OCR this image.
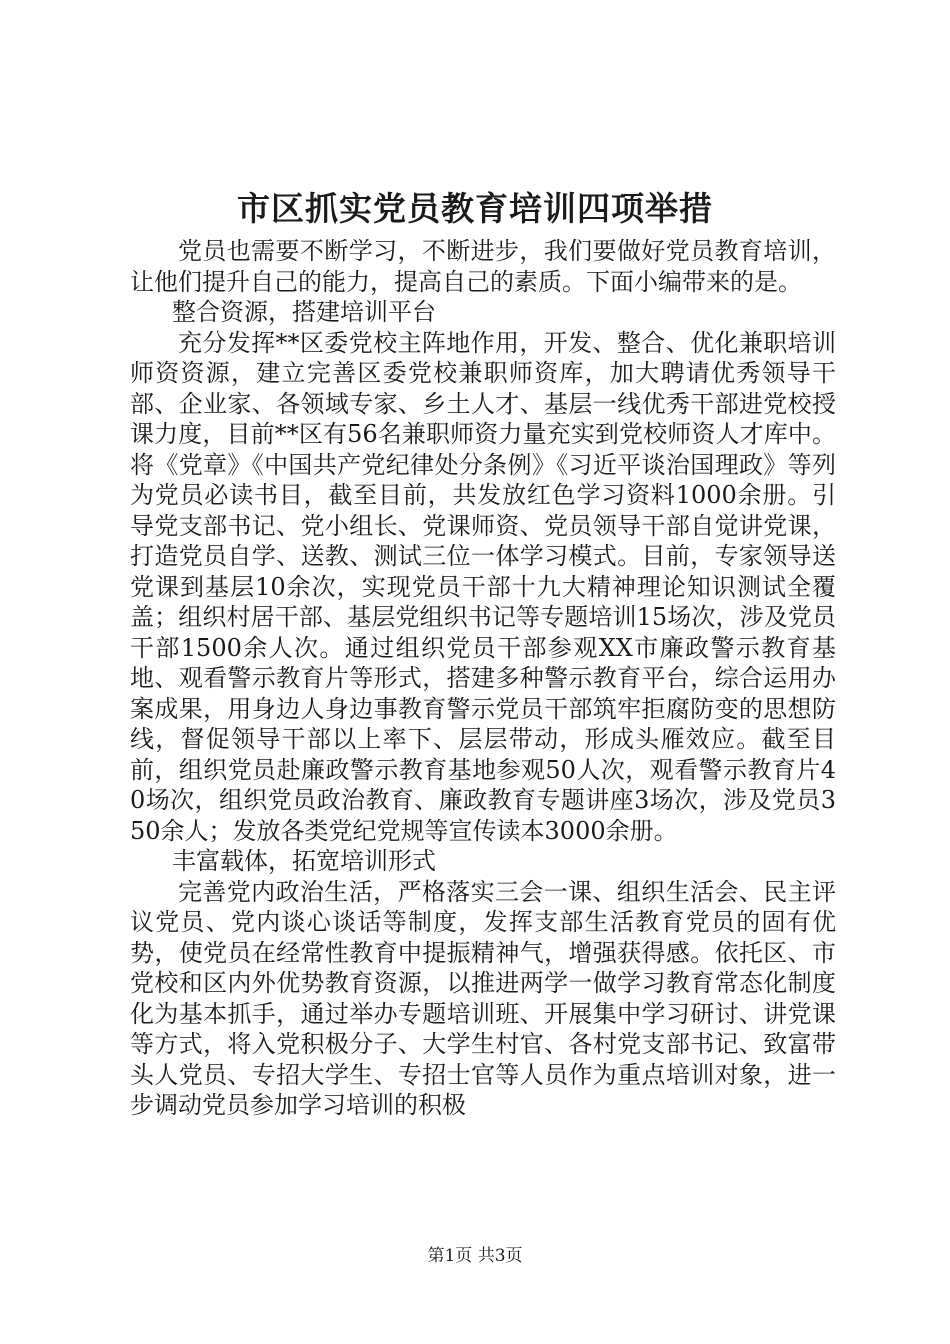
市区抓实党员教育培训四项举措

党员也需要不断学习，不断进步，我们要做好党员教育培训，让他们提升自己的能力，提高自己的素质。下面小编带来的是。

整合资源，搭建培训平台

充分发挥**区委党校主阵地作用，开发、整合、优化兼职培训师资资源，建立完善区委党校兼职师资库，加大聘请优秀领导干部、企业家、各领域专家、乡土人才、基层一线优秀干部进党校授课力度，目前**区有56名兼职师资力量充实到党校师资人才库中。将《党章》《中国共产党纪律处分条例》《习近平谈治国理政》等列为党员必读书目，截至目前，共发放红色学习资料1000余册。引导党支部书记、党小组长、党课师资、党员领导干部自觉讲党课，打造党员自学、送教、测试三位一体学习模式。目前，专家领导送党课到基层10余次，实现党员干部十九大精神理论知识测试全覆盖；组织村居干部、基层党组织书记等专题培训15场次，涉及党员干部1500余人次。通过组织党员干部参观XX市廉政警示教育基地、观看警示教育片等形式，搭建多种警示教育平台，综合运用办案成果，用身边人身边事教育警示党员干部筑牢拒腐防变的思想防线，督促领导干部以上率下、层层带动，形成头雁效应。截至目前，组织党员赴廉政警示教育基地参观50人次，观看警示教育片40场次，组织党员政治教育、廉政教育专题讲座3场次，涉及党员350余人；发放各类党纪党规等宣传读本3000余册。

丰富载体，拓宽培训形式

完善党内政治生活，严格落实三会一课、组织生活会、民主评议党员、党内谈心谈话等制度，发挥支部生活教育党员的固有优势，使党员在经常性教育中提振精神气，增强获得感。依托区、市党校和区内外优势教育资源，以推进两学一做学习教育常态化制度化为基本抓手，通过举办专题培训班、开展集中学习研讨、讲党课等方式，将入党积极分子、大学生村官、各村党支部书记、致富带头人党员、专招大学生、专招士官等人员作为重点培训对象，进一步调动党员参加学习培训的积极

第1页 共3页
